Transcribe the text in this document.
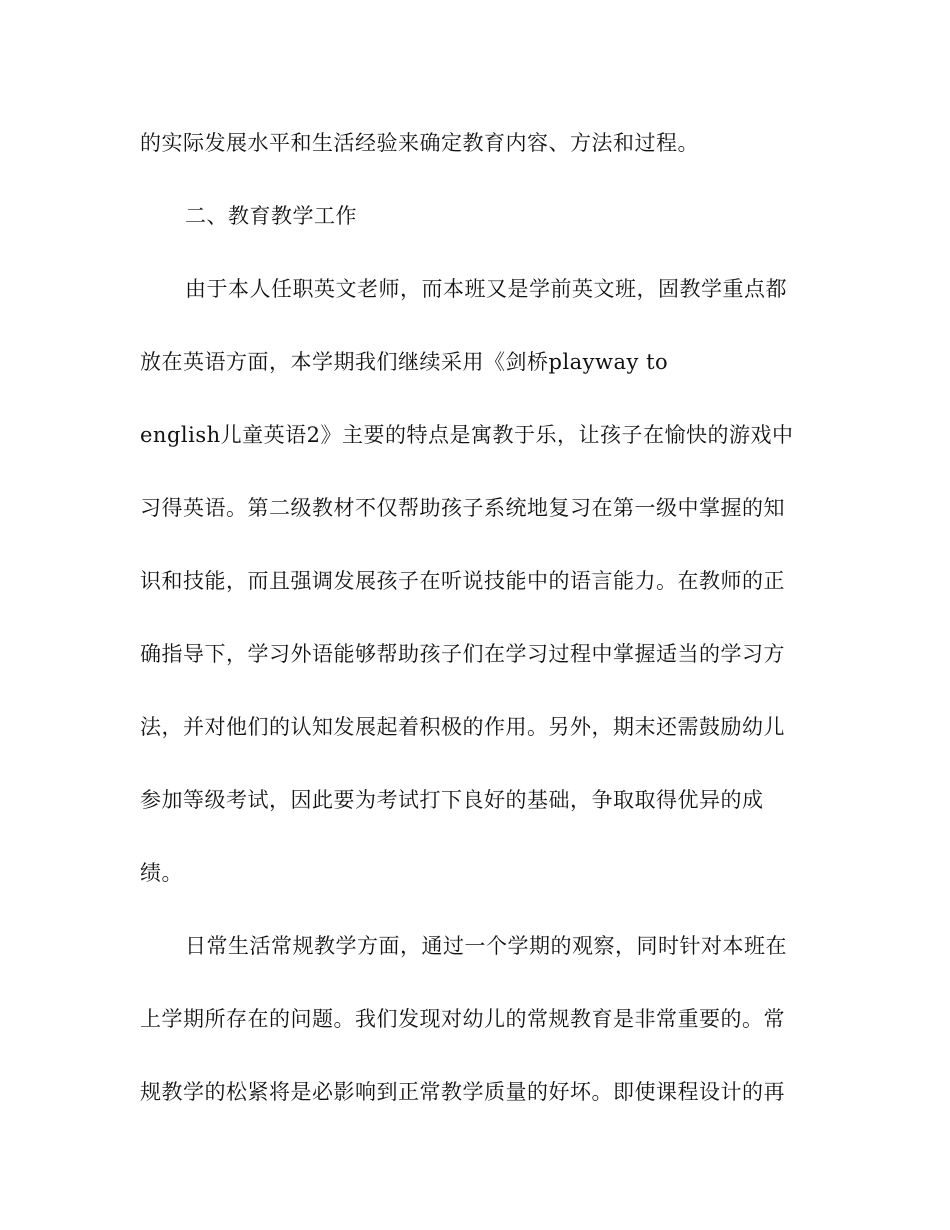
的实际发展水平和生活经验来确定教育内容、方法和过程。
二、教育教学工作
由于本人任职英文老师，而本班又是学前英文班，固教学重点都
放在英语方面，本学期我们继续采用《剑桥playway to
english儿童英语2》主要的特点是寓教于乐，让孩子在愉快的游戏中
习得英语。第二级教材不仅帮助孩子系统地复习在第一级中掌握的知
识和技能，而且强调发展孩子在听说技能中的语言能力。在教师的正
确指导下，学习外语能够帮助孩子们在学习过程中掌握适当的学习方
法，并对他们的认知发展起着积极的作用。另外，期末还需鼓励幼儿
参加等级考试，因此要为考试打下良好的基础，争取取得优异的成
绩。
日常生活常规教学方面，通过一个学期的观察，同时针对本班在
上学期所存在的问题。我们发现对幼儿的常规教育是非常重要的。常
规教学的松紧将是必影响到正常教学质量的好坏。即使课程设计的再
